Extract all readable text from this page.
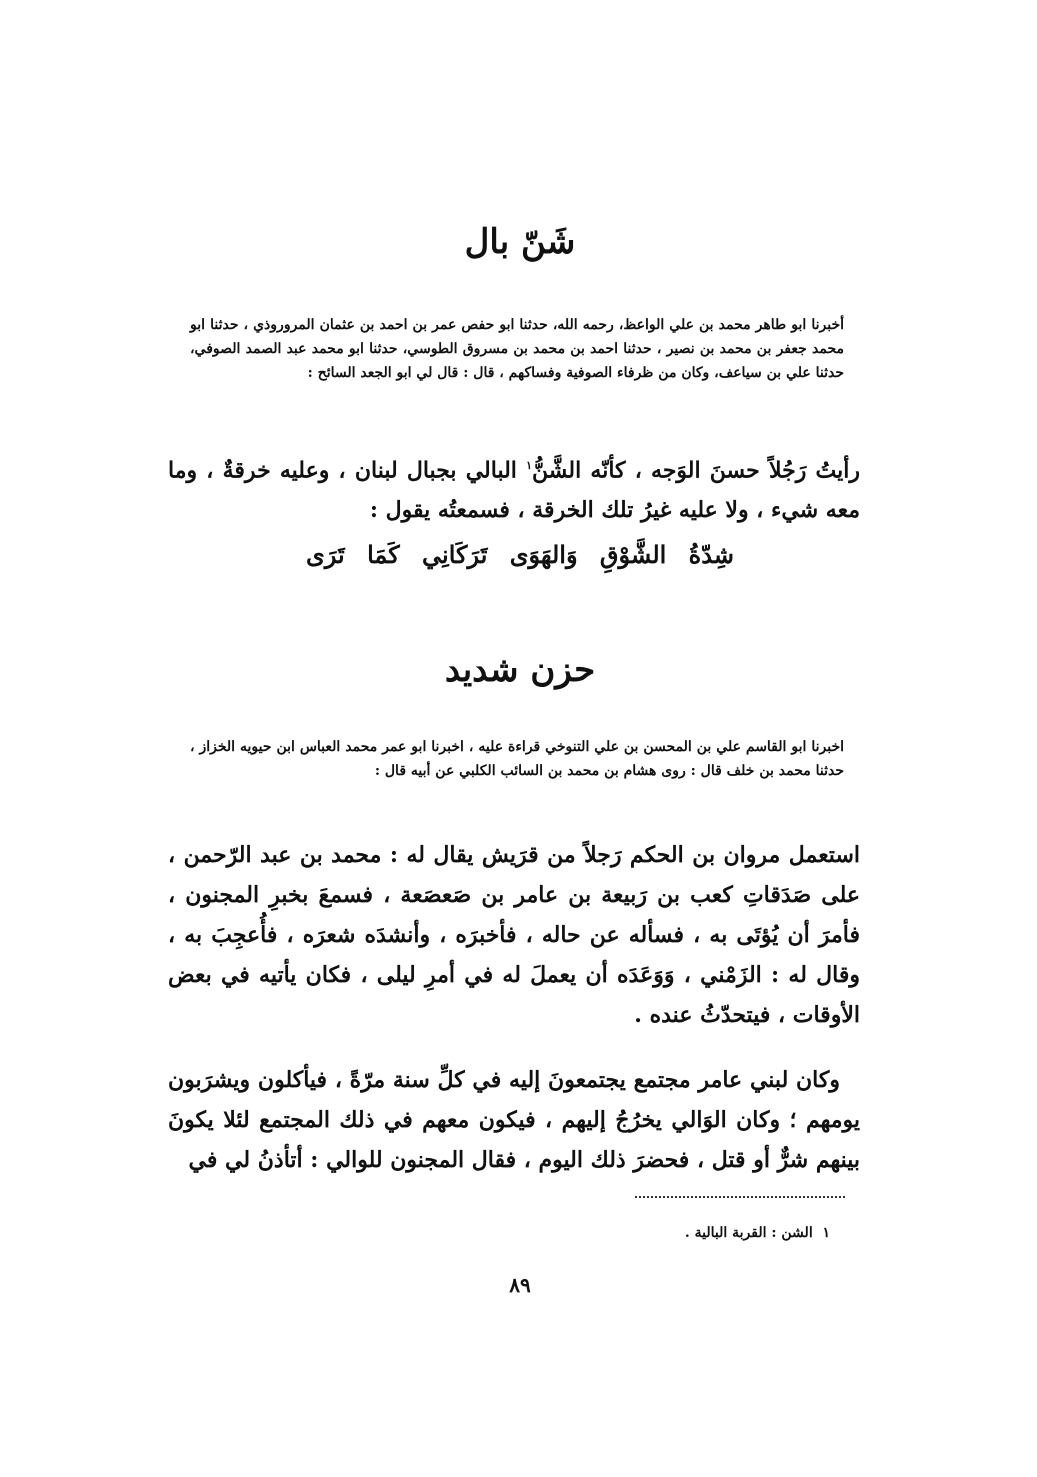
شَنّ بال

أخبرنا ابو طاهر محمد بن علي الواعظ، رحمه الله، حدثنا ابو حفص عمر بن احمد بن عثمان المروروذي ، حدثنا ابو محمد جعفر بن محمد بن نصير ، حدثنا احمد بن محمد بن مسروق الطوسي، حدثنا ابو محمد عبد الصمد الصوفي، حدثنا علي بن سياعف، وكان من ظرفاء الصوفية وفساكهم ، قال : قال لي ابو الجعد السائح :

رأيتُ رَجُلاً حسنَ الوَجه ، كأنّه الشَّنُّ$^١$ البالي بجبال لبنان ، وعليه خرقةٌ ، وما معه شيء ، ولا عليه غيرُ تلك الخرقة ، فسمعتُه يقول :

شِدّةُ الشَّوْقِ وَالهَوَى تَرَكَانِي كَمَا تَرَى
حزن شديد

اخبرنا ابو القاسم علي بن المحسن بن علي التنوخي قراءة عليه ، اخبرنا ابو عمر محمد العباس ابن حيويه الخزاز ، حدثنا محمد بن خلف قال : روى هشام بن محمد بن السائب الكلبي عن أبيه قال :

استعمل مروان بن الحكم رَجلاً من قرَيش يقال له : محمد بن عبد الرّحمن ، على صَدَقاتِ كعب بن رَبيعة بن عامر بن صَعصَعة ، فسمعَ بخبرِ المجنون ، فأمرَ أن يُؤتَى به ، فسأله عن حاله ، فأخبرَه ، وأنشدَه شعرَه ، فأُعجِبَ به ، وقال له : الزَمْني ، وَوَعَدَه أن يعملَ له في أمرِ ليلى ، فكان يأتيه في بعض الأوقات ، فيتحدّثُ عنده .

وكان لبني عامر مجتمع يجتمعونَ إليه في كلِّ سنة مرّةً ، فيأكلون ويشرَبون يومهم ؛ وكان الوَالي يخرُجُ إليهم ، فيكون معهم في ذلك المجتمع لئلا يكونَ بينهم شرٌّ أو قتل ، فحضرَ ذلك اليوم ، فقال المجنون للوالي : أتأذنُ لي في

١  الشن : القربة البالية .
٨٩
